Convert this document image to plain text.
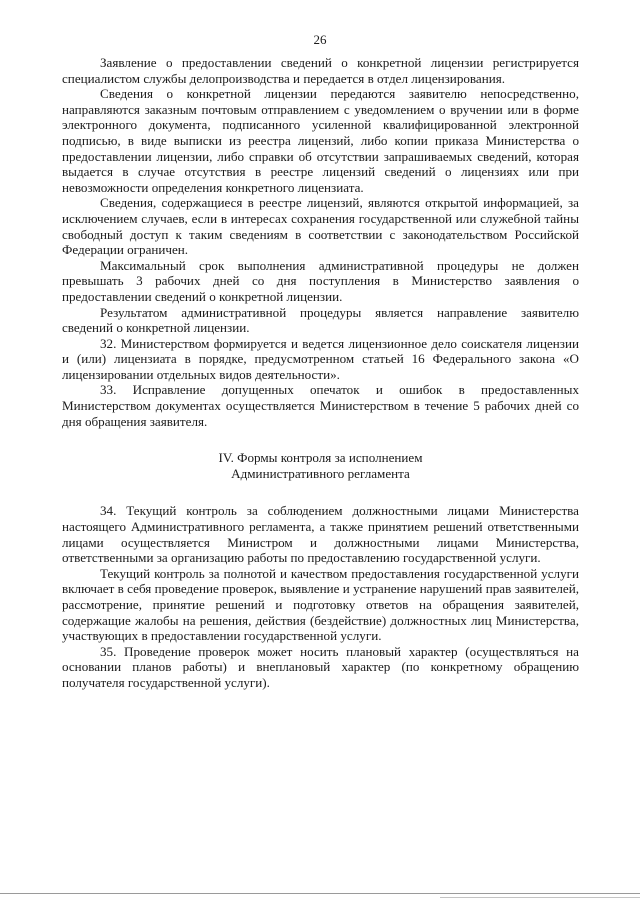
26

Заявление о предоставлении сведений о конкретной лицензии регистрируется специалистом службы делопроизводства и передается в отдел лицензирования.

Сведения о конкретной лицензии передаются заявителю непосредственно, направляются заказным почтовым отправлением с уведомлением о вручении или в форме электронного документа, подписанного усиленной квалифицированной электронной подписью, в виде выписки из реестра лицензий, либо копии приказа Министерства о предоставлении лицензии, либо справки об отсутствии запрашиваемых сведений, которая выдается в случае отсутствия в реестре лицензий сведений о лицензиях или при невозможности определения конкретного лицензиата.

Сведения, содержащиеся в реестре лицензий, являются открытой информацией, за исключением случаев, если в интересах сохранения государственной или служебной тайны свободный доступ к таким сведениям в соответствии с законодательством Российской Федерации ограничен.

Максимальный срок выполнения административной процедуры не должен превышать 3 рабочих дней со дня поступления в Министерство заявления о предоставлении сведений о конкретной лицензии.

Результатом административной процедуры является направление заявителю сведений о конкретной лицензии.

32. Министерством формируется и ведется лицензионное дело соискателя лицензии и (или) лицензиата в порядке, предусмотренном статьей 16 Федерального закона «О лицензировании отдельных видов деятельности».

33. Исправление допущенных опечаток и ошибок в предоставленных Министерством документах осуществляется Министерством в течение 5 рабочих дней со дня обращения заявителя.

IV. Формы контроля за исполнением
Административного регламента

34. Текущий контроль за соблюдением должностными лицами Министерства настоящего Административного регламента, а также принятием решений ответственными лицами осуществляется Министром и должностными лицами Министерства, ответственными за организацию работы по предоставлению государственной услуги.

Текущий контроль за полнотой и качеством предоставления государственной услуги включает в себя проведение проверок, выявление и устранение нарушений прав заявителей, рассмотрение, принятие решений и подготовку ответов на обращения заявителей, содержащие жалобы на решения, действия (бездействие) должностных лиц Министерства, участвующих в предоставлении государственной услуги.

35. Проведение проверок может носить плановый характер (осуществляться на основании планов работы) и внеплановый характер (по конкретному обращению получателя государственной услуги).
